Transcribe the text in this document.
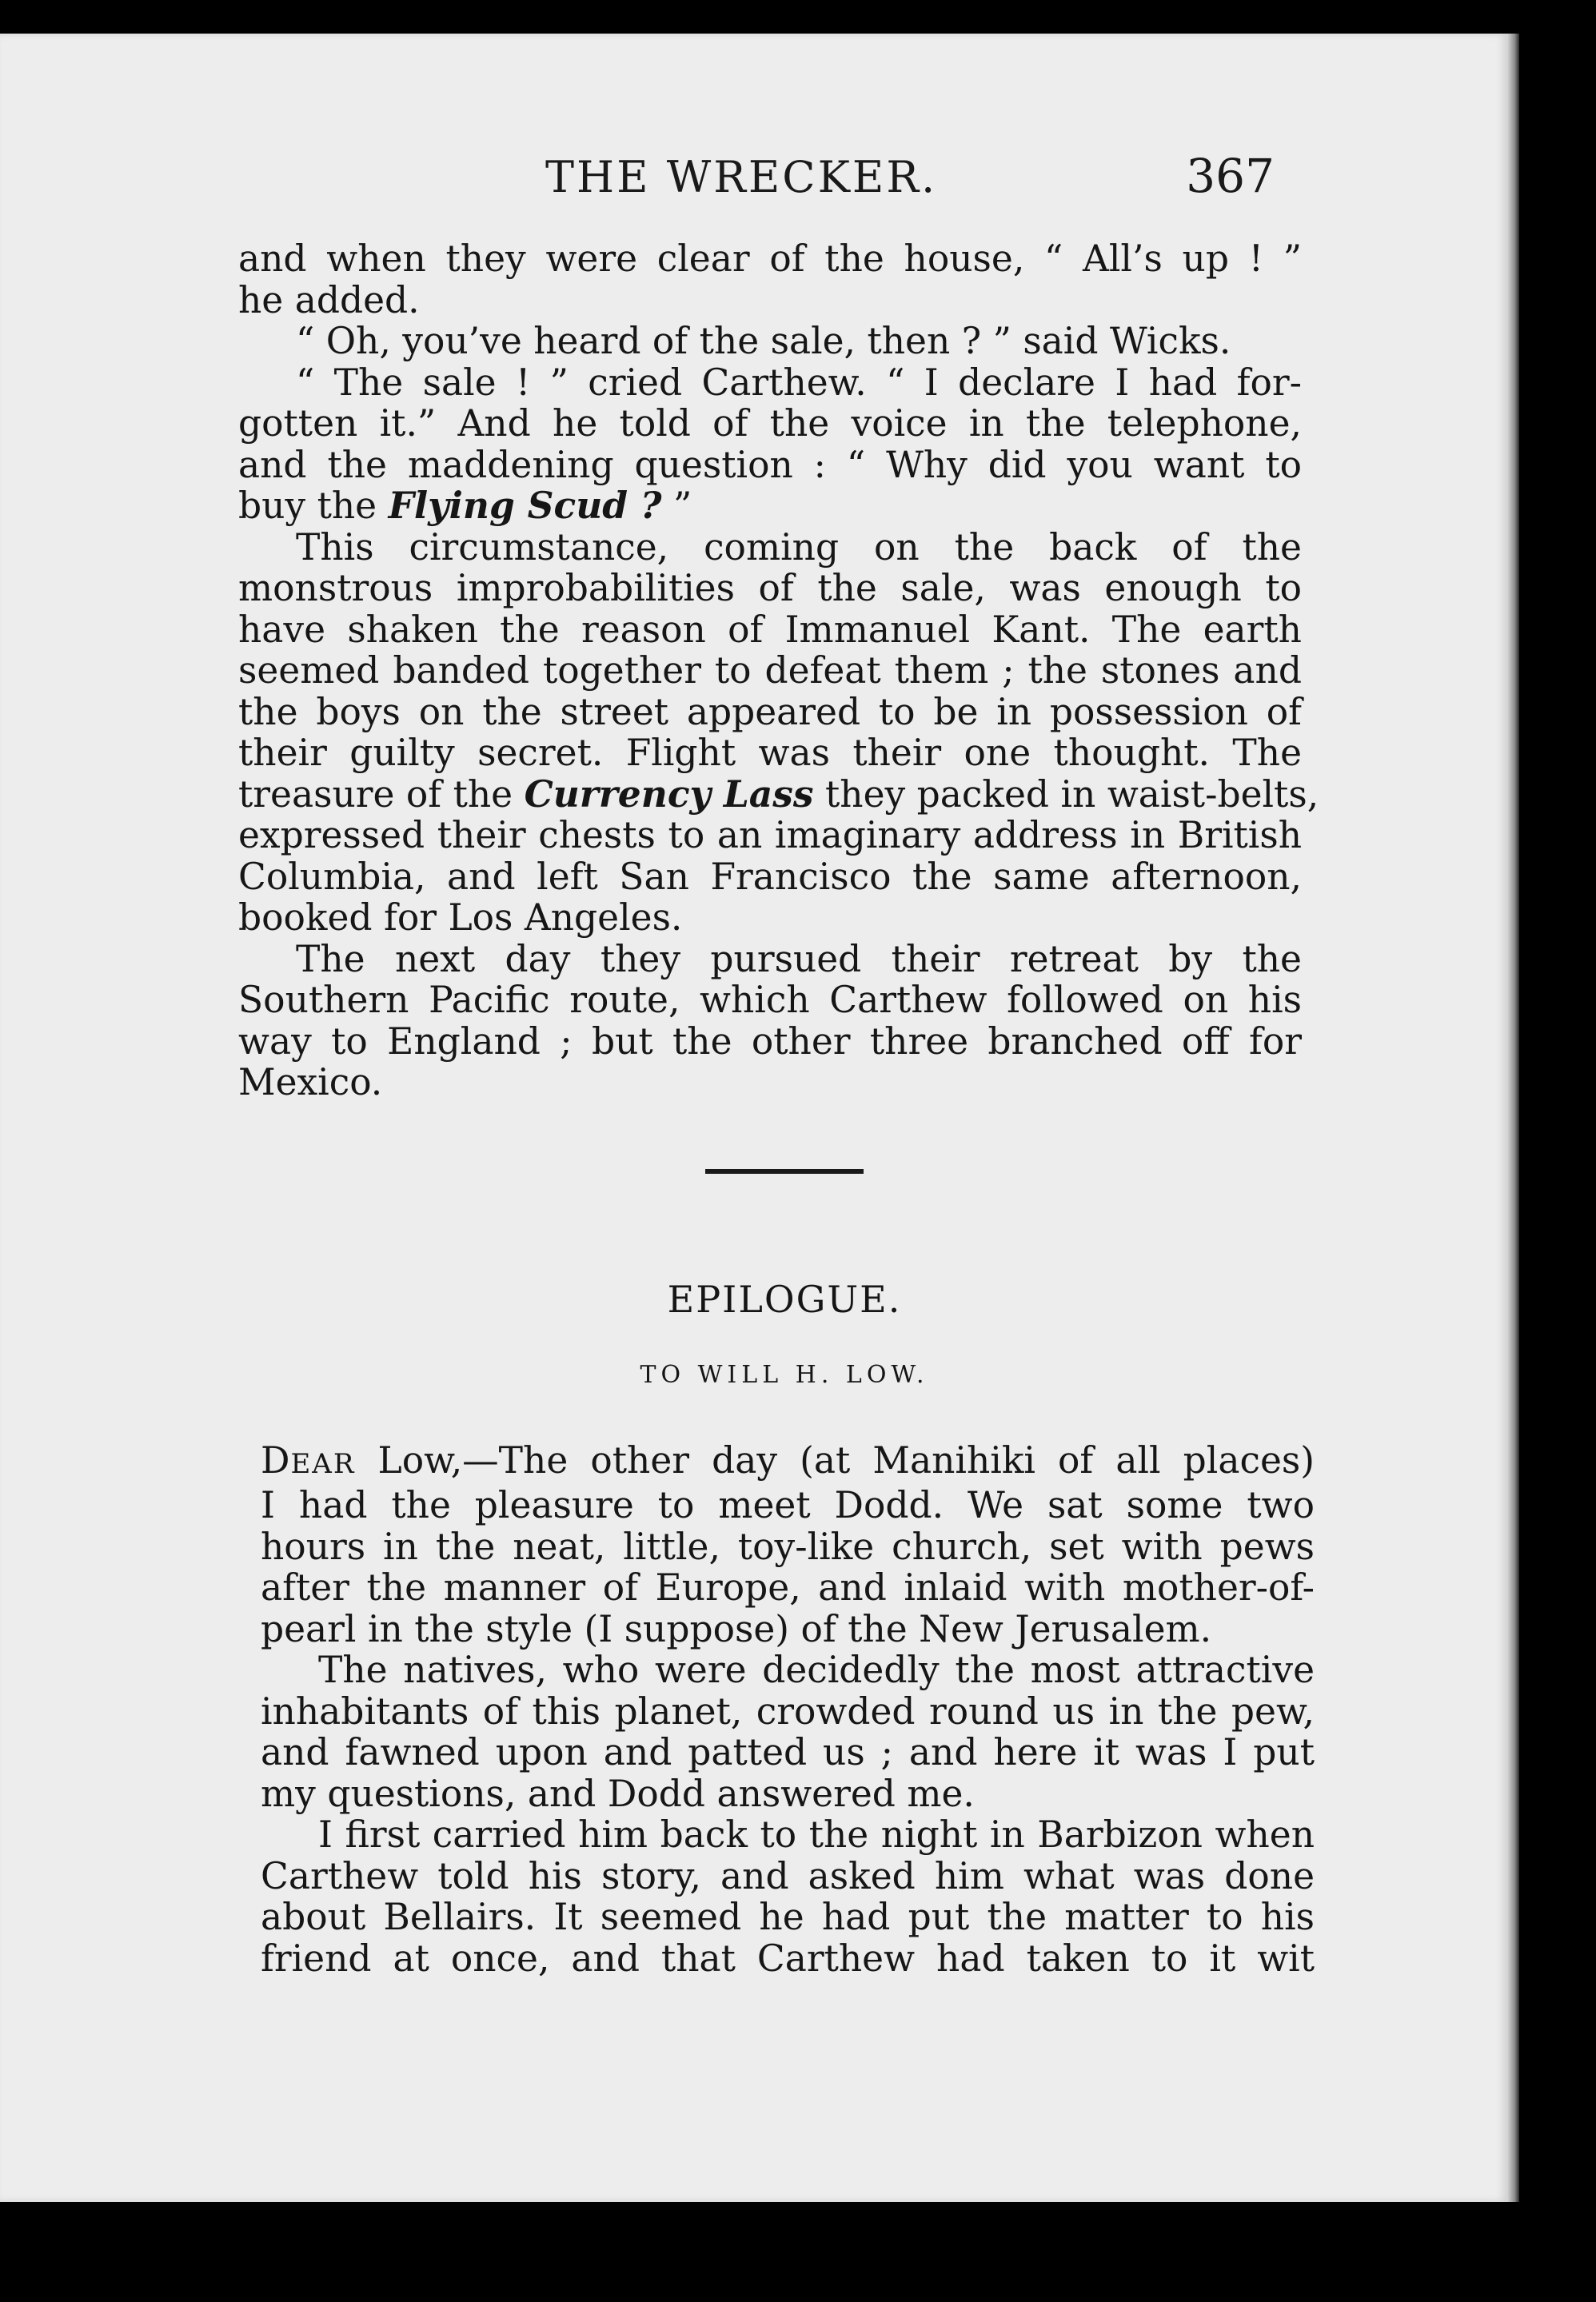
THE WRECKER.	367
and when they were clear of the house, “ All’s up ! ”
he added.
“ Oh, you’ve heard of the sale, then ? ” said Wicks.
“ The sale ! ” cried Carthew. “ I declare I had for-
gotten it.” And he told of the voice in the telephone,
and the maddening question : “ Why did you want to
buy the Flying Scud ? ”
This circumstance, coming on the back of the
monstrous improbabilities of the sale, was enough to
have shaken the reason of Immanuel Kant. The earth
seemed banded together to defeat them ; the stones and
the boys on the street appeared to be in possession of
their guilty secret. Flight was their one thought. The
treasure of the Currency Lass they packed in waist-belts,
expressed their chests to an imaginary address in British
Columbia, and left San Francisco the same afternoon,
booked for Los Angeles.
The next day they pursued their retreat by the
Southern Pacific route, which Carthew followed on his
way to England ; but the other three branched off for
Mexico.
EPILOGUE.
TO WILL H. LOW.
DEAR Low,—The other day (at Manihiki of all places)
I had the pleasure to meet Dodd. We sat some two
hours in the neat, little, toy-like church, set with pews
after the manner of Europe, and inlaid with mother-of-
pearl in the style (I suppose) of the New Jerusalem.
The natives, who were decidedly the most attractive
inhabitants of this planet, crowded round us in the pew,
and fawned upon and patted us ; and here it was I put
my questions, and Dodd answered me.
I first carried him back to the night in Barbizon when
Carthew told his story, and asked him what was done
about Bellairs. It seemed he had put the matter to his
friend at once, and that Carthew had taken to it wit
